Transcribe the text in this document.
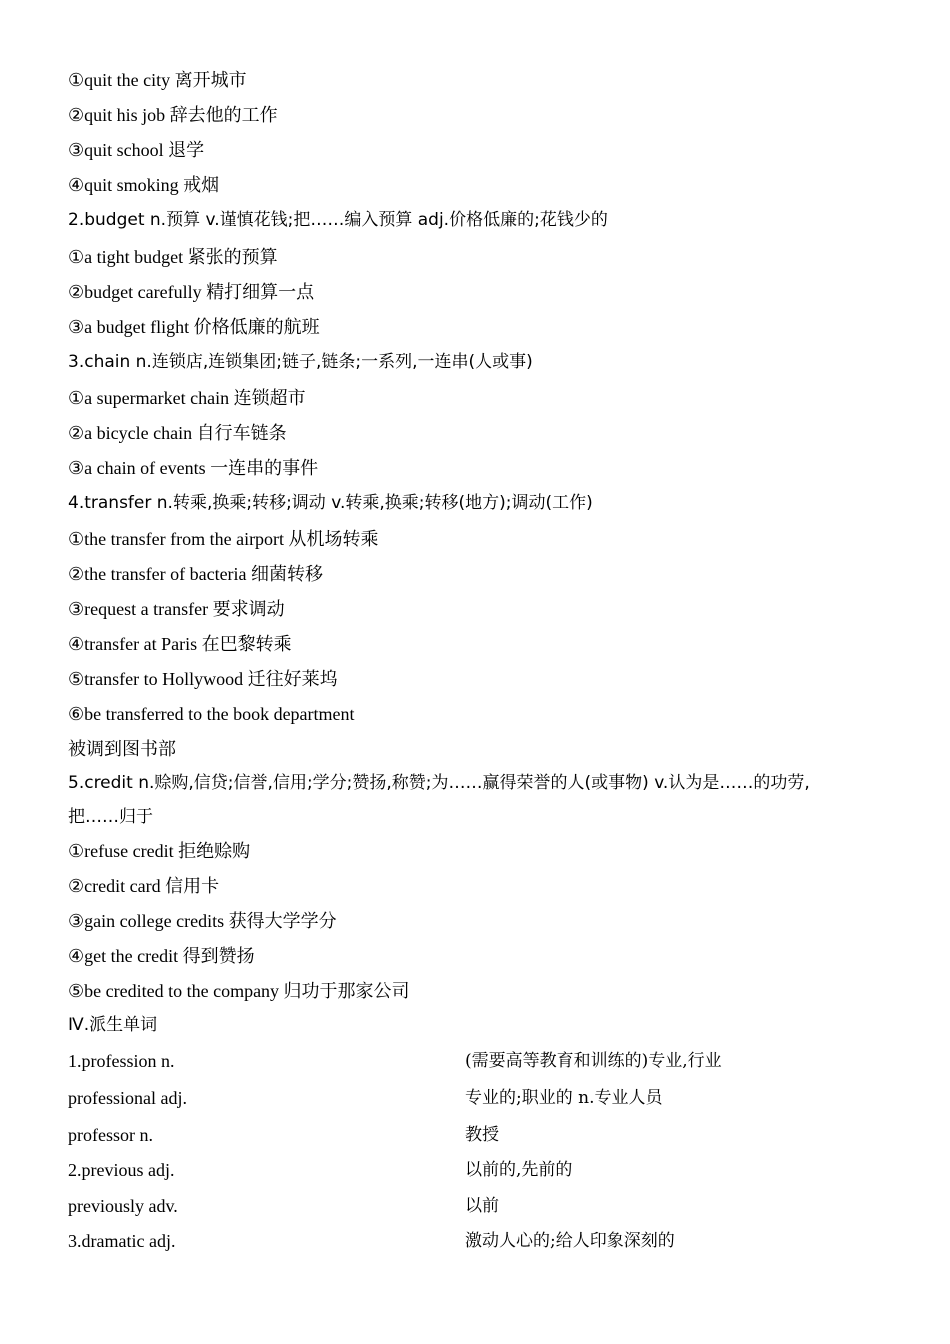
①quit the city 离开城市
②quit his job 辞去他的工作
③quit school 退学
④quit smoking 戒烟
2.budget n.预算 v.谨慎花钱;把……编入预算 adj.价格低廉的;花钱少的
①a tight budget 紧张的预算
②budget carefully 精打细算一点
③a budget flight 价格低廉的航班
3.chain n.连锁店,连锁集团;链子,链条;一系列,一连串(人或事)
①a supermarket chain 连锁超市
②a bicycle chain 自行车链条
③a chain of events 一连串的事件
4.transfer n.转乘,换乘;转移;调动 v.转乘,换乘;转移(地方);调动(工作)
①the transfer from the airport 从机场转乘
②the transfer of bacteria 细菌转移
③request a transfer 要求调动
④transfer at Paris 在巴黎转乘
⑤transfer to Hollywood 迁往好莱坞
⑥be transferred to the book department
被调到图书部
5.credit n.赊购,信贷;信誉,信用;学分;赞扬,称赞;为……赢得荣誉的人(或事物) v.认为是……的功劳,
把……归于
①refuse credit 拒绝赊购
②credit card 信用卡
③gain college credits 获得大学学分
④get the credit 得到赞扬
⑤be credited to the company 归功于那家公司
Ⅳ.派生单词
1.profession n.	(需要高等教育和训练的)专业,行业
professional adj.	专业的;职业的 n.专业人员
professor n.	教授
2.previous adj.	以前的,先前的
previously adv.	以前
3.dramatic adj.	激动人心的;给人印象深刻的
